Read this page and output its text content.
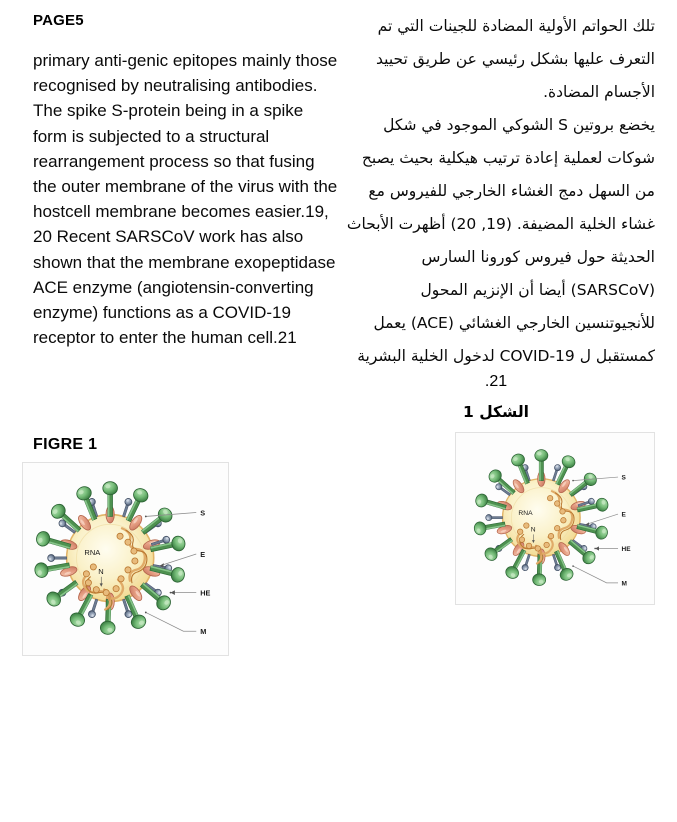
PAGE5

primary anti-genic epitopes mainly those recognised by neutralising antibodies. The spike S-protein being in a spike form is subjected to a structural rearrangement process so that fusing the outer membrane of the virus with the hostcell membrane becomes easier.19, 20 Recent SARSCoV work has also shown that the membrane exopeptidase ACE enzyme (angiotensin-converting enzyme) functions as a COVID-19 receptor to enter the human cell.21

تلك الحواتم الأولية المضادة للجينات التي تم التعرف عليها بشكل رئيسي عن طريق تحييد الأجسام المضادة.

يخضع بروتين S الشوكي الموجود في شكل شوكات لعملية إعادة ترتيب هيكلية بحيث يصبح من السهل دمج الغشاء الخارجي للفيروس مع غشاء الخلية المضيفة. (19, 20) أظهرت الأبحاث الحديثة حول فيروس كورونا السارس (SARSCoV) أيضا أن الإنزيم المحول للأنجيوتنسين الخارجي الغشائي (ACE) يعمل كمستقبل ل COVID-19 لدخول الخلية البشرية

21.
الشكل 1
FIGRE 1
RNA
N
S
E
HE
M
RNA
N
S
E
HE
M
